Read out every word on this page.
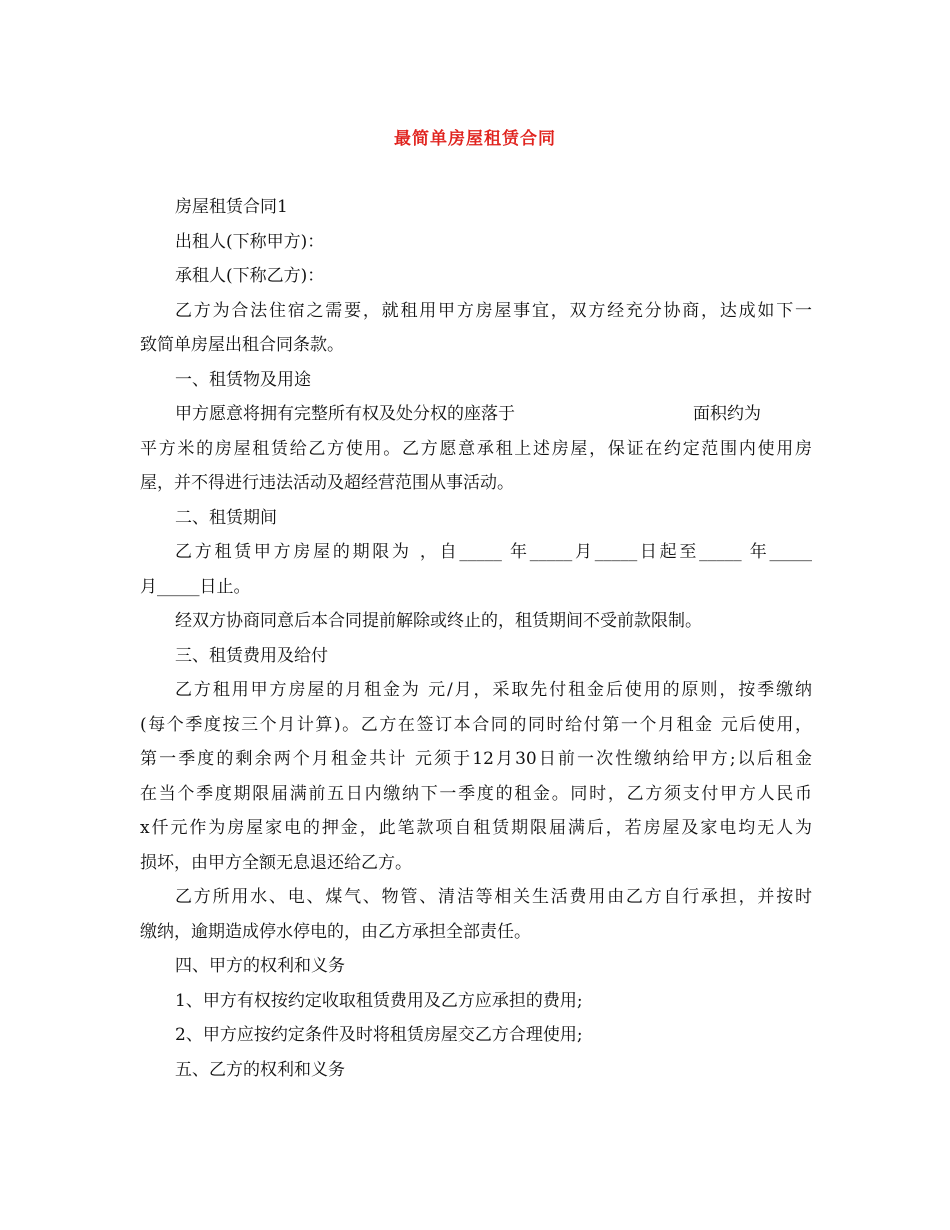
最简单房屋租赁合同
房屋租赁合同1
出租人(下称甲方)：
承租人(下称乙方)：
乙方为合法住宿之需要，就租用甲方房屋事宜，双方经充分协商，达成如下一
致简单房屋出租合同条款。
一、租赁物及用途
甲方愿意将拥有完整所有权及处分权的座落于	面积约为
平方米的房屋租赁给乙方使用。乙方愿意承租上述房屋，保证在约定范围内使用房
屋，并不得进行违法活动及超经营范围从事活动。
二、租赁期间
乙方租赁甲方房屋的期限为 ，自_____ 年_____月_____日起至_____ 年_____
月_____日止。
经双方协商同意后本合同提前解除或终止的，租赁期间不受前款限制。
三、租赁费用及给付
乙方租用甲方房屋的月租金为 元/月，采取先付租金后使用的原则，按季缴纳
(每个季度按三个月计算)。乙方在签订本合同的同时给付第一个月租金 元后使用，
第一季度的剩余两个月租金共计 元须于12月30日前一次性缴纳给甲方;以后租金
在当个季度期限届满前五日内缴纳下一季度的租金。同时，乙方须支付甲方人民币
x仟元作为房屋家电的押金，此笔款项自租赁期限届满后，若房屋及家电均无人为
损坏，由甲方全额无息退还给乙方。
乙方所用水、电、煤气、物管、清洁等相关生活费用由乙方自行承担，并按时
缴纳，逾期造成停水停电的，由乙方承担全部责任。
四、甲方的权利和义务
1、甲方有权按约定收取租赁费用及乙方应承担的费用;
2、甲方应按约定条件及时将租赁房屋交乙方合理使用;
五、乙方的权利和义务
